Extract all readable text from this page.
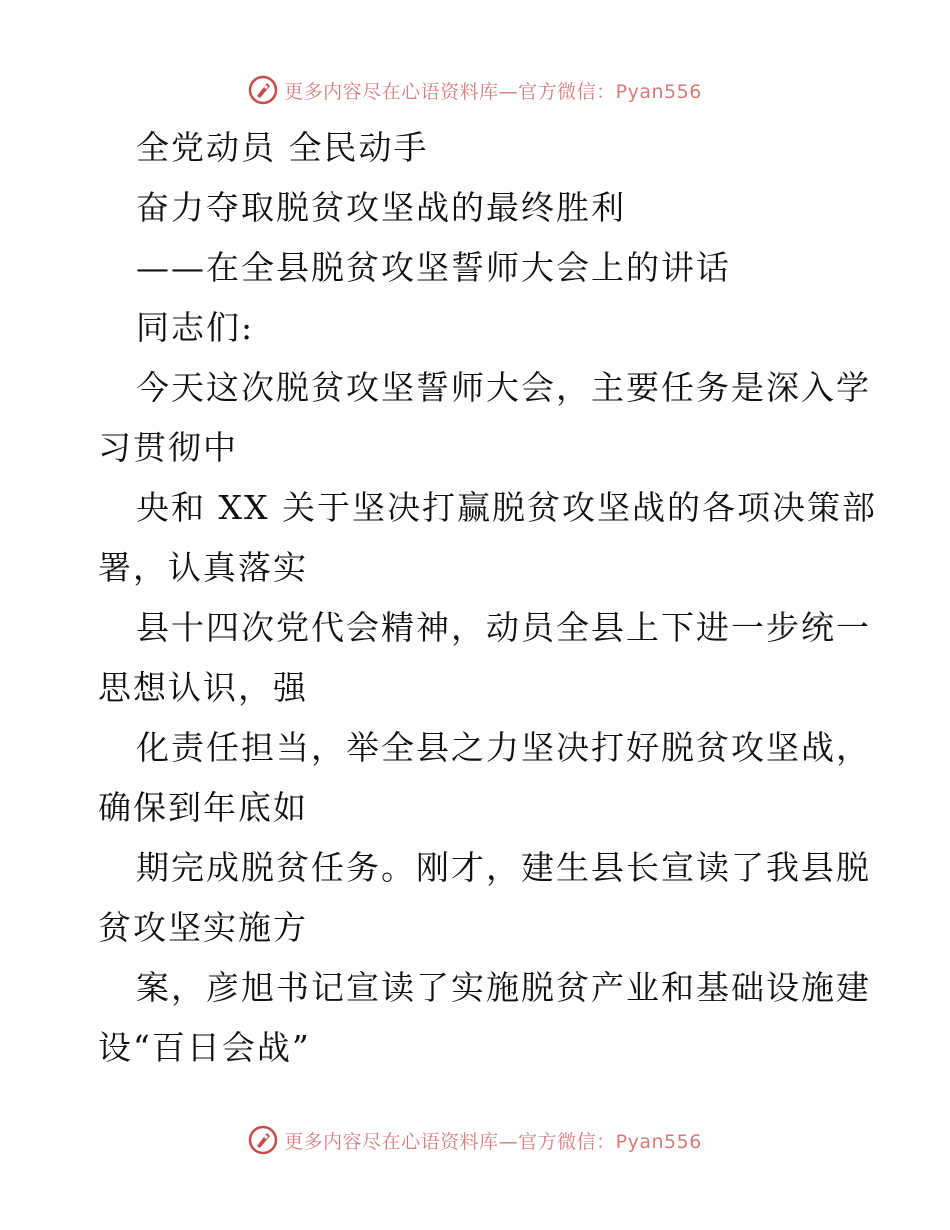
更多内容尽在心语资料库—官方微信：Pyan556
全党动员 全民动手
奋力夺取脱贫攻坚战的最终胜利
——在全县脱贫攻坚誓师大会上的讲话
同志们:
今天这次脱贫攻坚誓师大会，主要任务是深入学
习贯彻中
央和 XX 关于坚决打赢脱贫攻坚战的各项决策部
署，认真落实
县十四次党代会精神，动员全县上下进一步统一
思想认识，强
化责任担当，举全县之力坚决打好脱贫攻坚战，
确保到年底如
期完成脱贫任务。刚才，建生县长宣读了我县脱
贫攻坚实施方
案，彦旭书记宣读了实施脱贫产业和基础设施建
设“百日会战”
更多内容尽在心语资料库—官方微信：Pyan556
